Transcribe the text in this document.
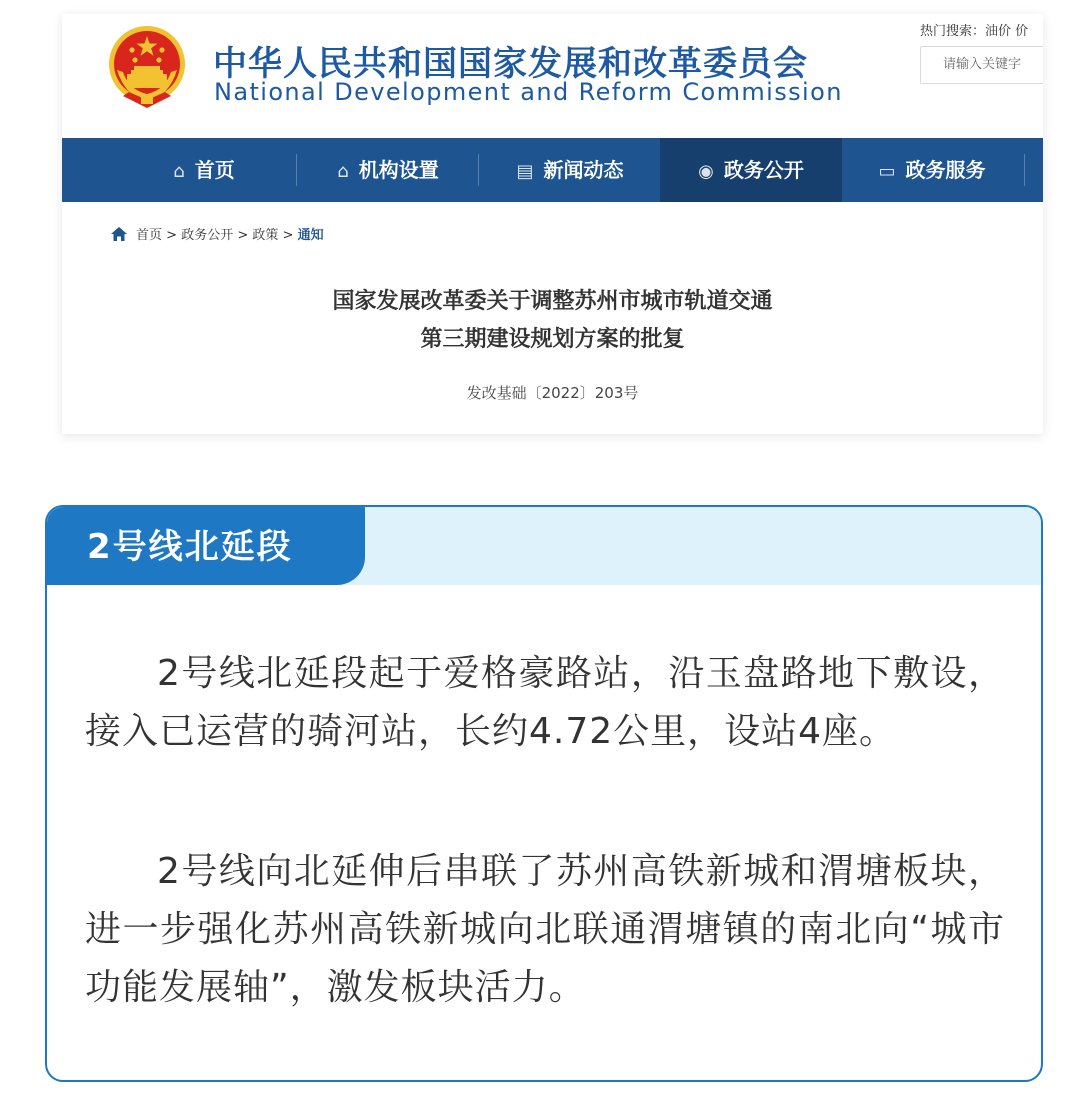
中华人民共和国国家发展和改革委员会
National Development and Reform Commission
热门搜索：油价 价
请输入关键字
⌂ 首页	⌂ 机构设置	▤ 新闻动态	◉ 政务公开	▭ 政务服务
首页 > 政务公开 > 政策 > 通知
国家发展改革委关于调整苏州市城市轨道交通
第三期建设规划方案的批复
发改基础〔2022〕203号
2号线北延段
2号线北延段起于爱格豪路站，沿玉盘路地下敷设，接入已运营的骑河站，长约4.72公里，设站4座。
2号线向北延伸后串联了苏州高铁新城和渭塘板块，进一步强化苏州高铁新城向北联通渭塘镇的南北向“城市功能发展轴”，激发板块活力。
